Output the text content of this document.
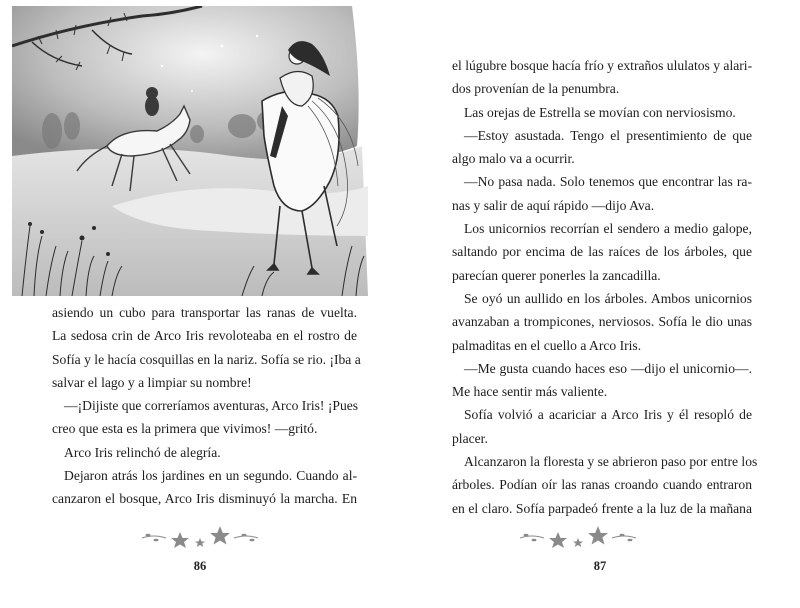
asiendo un cubo para transportar las ranas de vuelta.
La sedosa crin de Arco Iris revoloteaba en el rostro de
Sofía y le hacía cosquillas en la nariz. Sofía se rio. ¡Iba a
salvar el lago y a limpiar su nombre!
—¡Dijiste que correríamos aventuras, Arco Iris! ¡Pues
creo que esta es la primera que vivimos! —gritó.
Arco Iris relinchó de alegría.
Dejaron atrás los jardines en un segundo. Cuando al-
canzaron el bosque, Arco Iris disminuyó la marcha. En
86
el lúgubre bosque hacía frío y extraños ululatos y alari-
dos provenían de la penumbra.
Las orejas de Estrella se movían con nerviosismo.
—Estoy asustada. Tengo el presentimiento de que
algo malo va a ocurrir.
—No pasa nada. Solo tenemos que encontrar las ra-
nas y salir de aquí rápido —dijo Ava.
Los unicornios recorrían el sendero a medio galope,
saltando por encima de las raíces de los árboles, que
parecían querer ponerles la zancadilla.
Se oyó un aullido en los árboles. Ambos unicornios
avanzaban a trompicones, nerviosos. Sofía le dio unas
palmaditas en el cuello a Arco Iris.
—Me gusta cuando haces eso —dijo el unicornio—.
Me hace sentir más valiente.
Sofía volvió a acariciar a Arco Iris y él resopló de
placer.
Alcanzaron la floresta y se abrieron paso por entre los
árboles. Podían oír las ranas croando cuando entraron
en el claro. Sofía parpadeó frente a la luz de la mañana
87
